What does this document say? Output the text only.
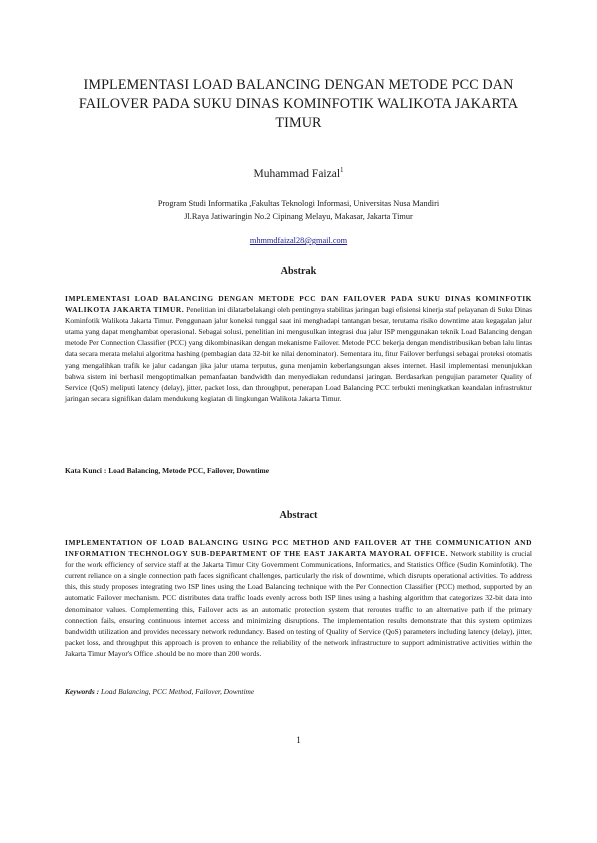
IMPLEMENTASI LOAD BALANCING DENGAN METODE PCC DAN
FAILOVER PADA SUKU DINAS KOMINFOTIK WALIKOTA JAKARTA
TIMUR
Muhammad Faizal$^1$
Program Studi Informatika ,Fakultas Teknologi Informasi, Universitas Nusa Mandiri
Jl.Raya Jatiwaringin No.2 Cipinang Melayu, Makasar, Jakarta Timur
mhmmdfaizal28@gmail.com
Abstrak

IMPLEMENTASI LOAD BALANCING DENGAN METODE PCC DAN FAILOVER PADA SUKU DINAS KOMINFOTIK WALIKOTA JAKARTA TIMUR. Penelitian ini dilatarbelakangi oleh pentingnya stabilitas jaringan bagi efisiensi kinerja staf pelayanan di Suku Dinas Kominfotik Walikota Jakarta Timur. Penggunaan jalur koneksi tunggal saat ini menghadapi tantangan besar, terutama risiko downtime atau kegagalan jalur utama yang dapat menghambat operasional. Sebagai solusi, penelitian ini mengusulkan integrasi dua jalur ISP menggunakan teknik Load Balancing dengan metode Per Connection Classifier (PCC) yang dikombinasikan dengan mekanisme Failover. Metode PCC bekerja dengan mendistribusikan beban lalu lintas data secara merata melalui algoritma hashing (pembagian data 32-bit ke nilai denominator). Sementara itu, fitur Failover berfungsi sebagai proteksi otomatis yang mengalihkan trafik ke jalur cadangan jika jalur utama terputus, guna menjamin keberlangsungan akses internet. Hasil implementasi menunjukkan bahwa sistem ini berhasil mengoptimalkan pemanfaatan bandwidth dan menyediakan redundansi jaringan. Berdasarkan pengujian parameter Quality of Service (QoS) meliputi latency (delay), jitter, packet loss, dan throughput, penerapan Load Balancing PCC terbukti meningkatkan keandalan infrastruktur jaringan secara signifikan dalam mendukung kegiatan di lingkungan Walikota Jakarta Timur.

Kata Kunci : Load Balancing, Metode PCC, Failover, Downtime
Abstract

IMPLEMENTATION OF LOAD BALANCING USING PCC METHOD AND FAILOVER AT THE COMMUNICATION AND INFORMATION TECHNOLOGY SUB-DEPARTMENT OF THE EAST JAKARTA MAYORAL OFFICE. Network stability is crucial for the work efficiency of service staff at the Jakarta Timur City Government Communications, Informatics, and Statistics Office (Sudin Kominfotik). The current reliance on a single connection path faces significant challenges, particularly the risk of downtime, which disrupts operational activities. To address this, this study proposes integrating two ISP lines using the Load Balancing technique with the Per Connection Classifier (PCC) method, supported by an automatic Failover mechanism. PCC distributes data traffic loads evenly across both ISP lines using a hashing algorithm that categorizes 32-bit data into denominator values. Complementing this, Failover acts as an automatic protection system that reroutes traffic to an alternative path if the primary connection fails, ensuring continuous internet access and minimizing disruptions. The implementation results demonstrate that this system optimizes bandwidth utilization and provides necessary network redundancy. Based on testing of Quality of Service (QoS) parameters including latency (delay), jitter, packet loss, and throughput this approach is proven to enhance the reliability of the network infrastructure to support administrative activities within the Jakarta Timur Mayor's Office .should be no more than 200 words.

Keywords : Load Balancing, PCC Method, Failover, Downtime
1
